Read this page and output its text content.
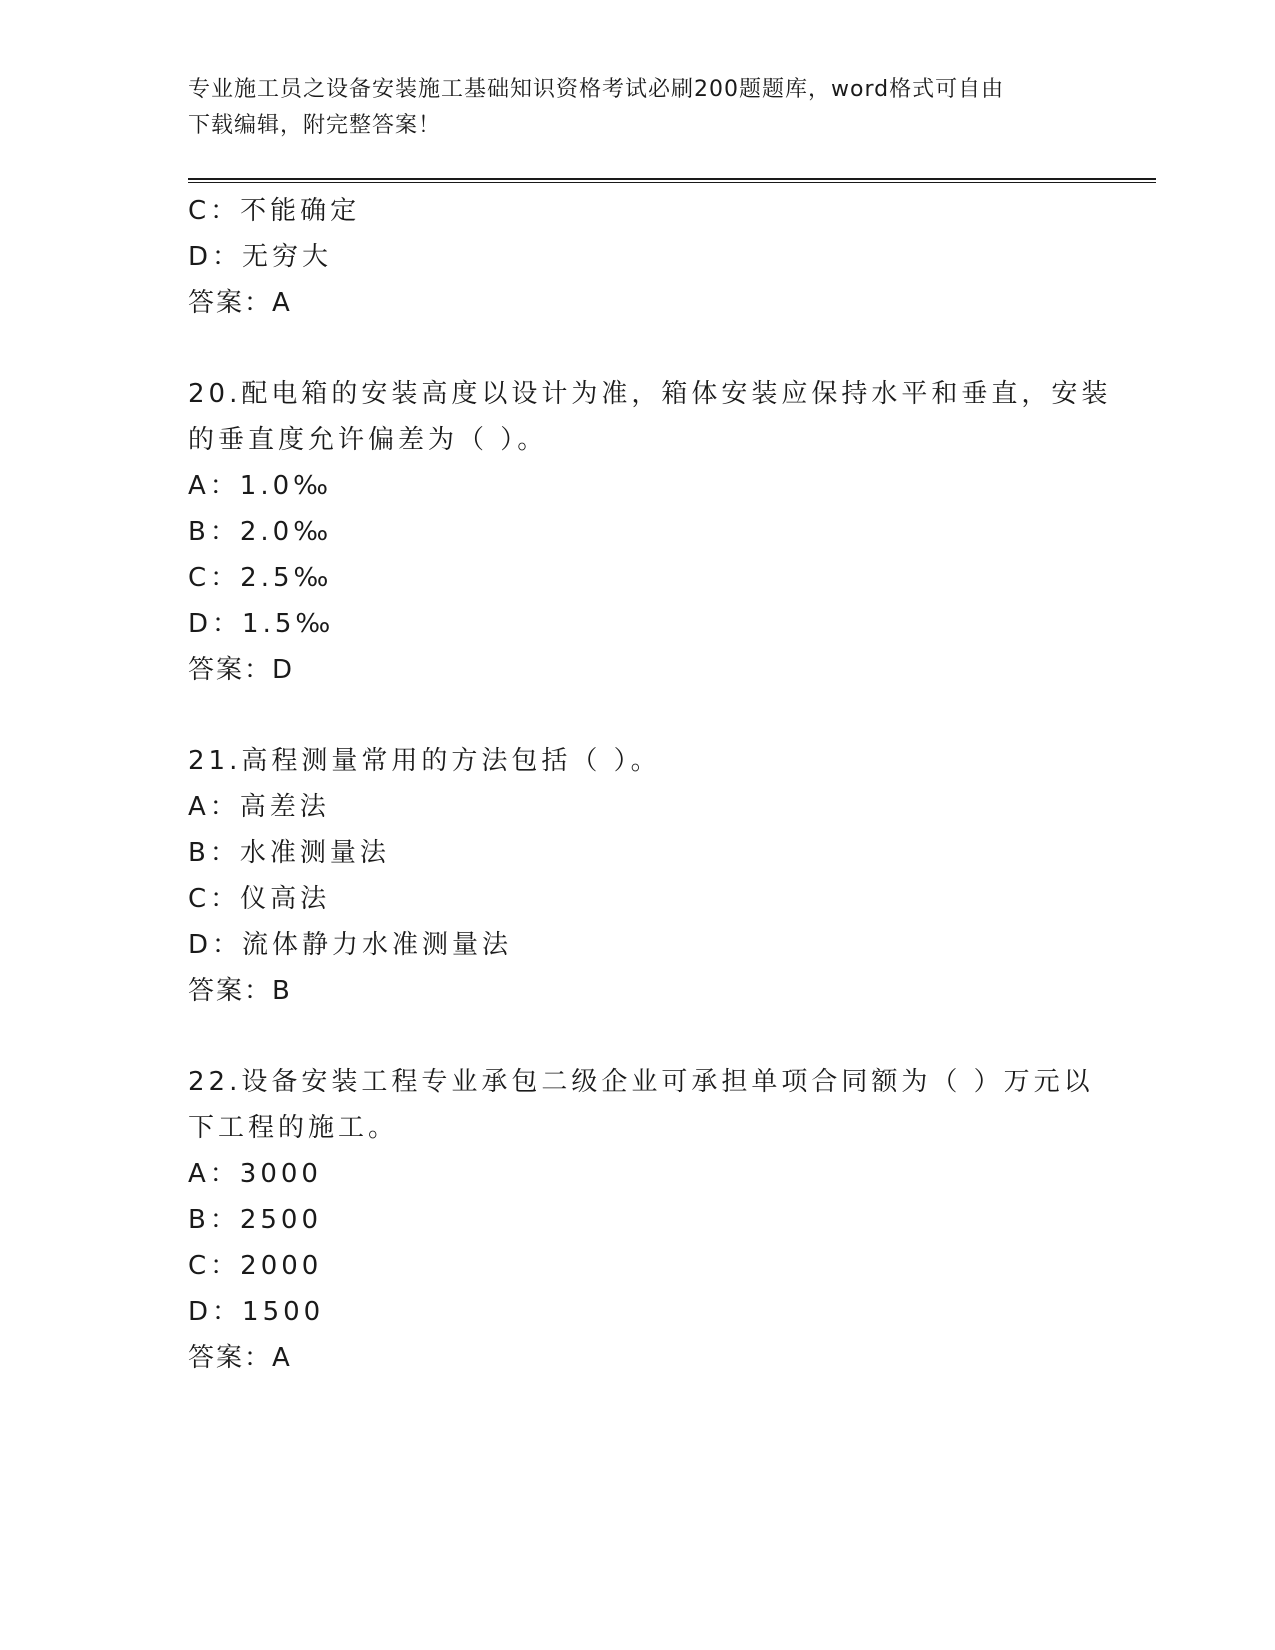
专业施工员之设备安装施工基础知识资格考试必刷200题题库，word格式可自由
下载编辑，附完整答案！
C：不能确定
D：无穷大
答案：A
20.配电箱的安装高度以设计为准，箱体安装应保持水平和垂直，安装
的垂直度允许偏差为（ ）。
A：1.0‰
B：2.0‰
C：2.5‰
D：1.5‰
答案：D
21.高程测量常用的方法包括（ ）。
A：高差法
B：水准测量法
C：仪高法
D：流体静力水准测量法
答案：B
22.设备安装工程专业承包二级企业可承担单项合同额为（ ）万元以
下工程的施工。
A：3000
B：2500
C：2000
D：1500
答案：A
